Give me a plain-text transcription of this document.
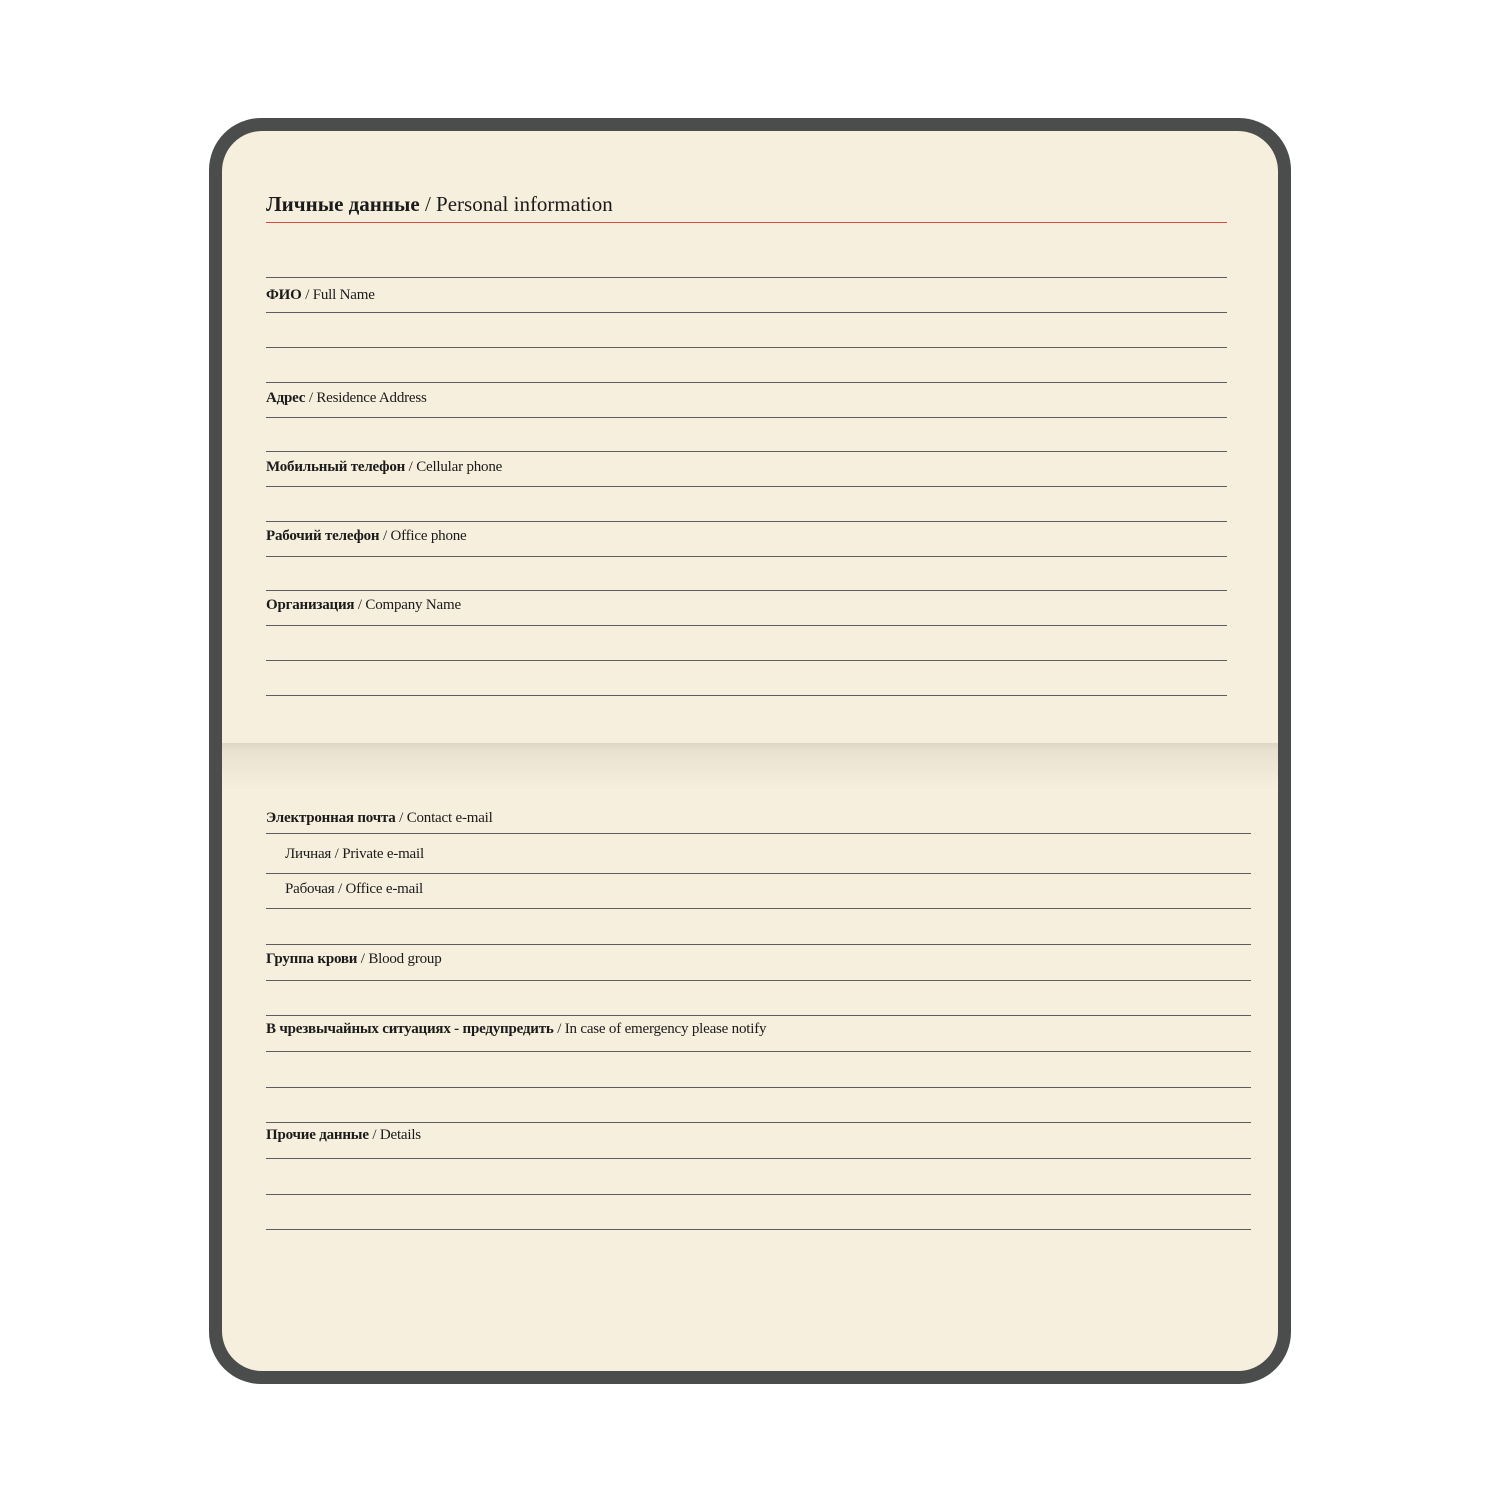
Личные данные / Personal information
ФИО / Full Name
Адрес / Residence Address
Мобильный телефон / Cellular phone
Рабочий телефон / Office phone
Организация / Company Name
Электронная почта / Contact e-mail
Личная / Private e-mail
Рабочая / Office e-mail
Группа крови / Blood group
В чрезвычайных ситуациях - предупредить / In case of emergency please notify
Прочие данные / Details
